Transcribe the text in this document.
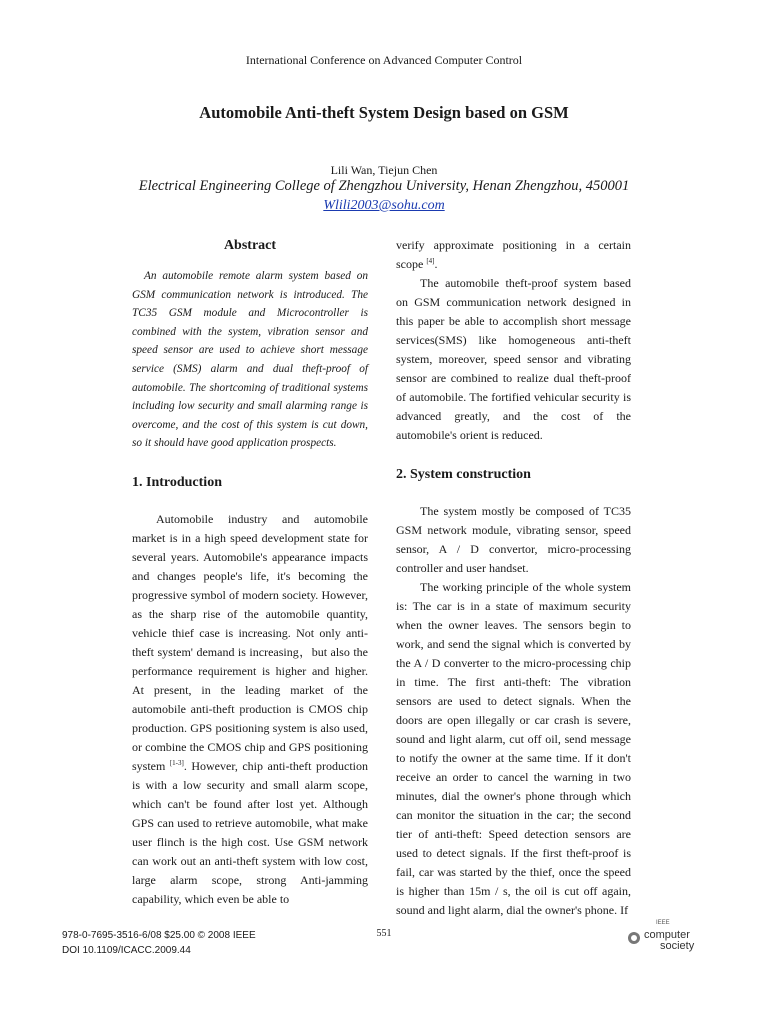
International Conference on Advanced Computer Control
Automobile Anti-theft System Design based on GSM
Lili Wan, Tiejun Chen
Electrical Engineering College of Zhengzhou University, Henan Zhengzhou, 450001
Wlili2003@sohu.com
Abstract

An automobile remote alarm system based on GSM communication network is introduced. The TC35 GSM module and Microcontroller is combined with the system, vibration sensor and speed sensor are used to achieve short message service (SMS) alarm and dual theft-proof of automobile. The shortcoming of traditional systems including low security and small alarming range is overcome, and the cost of this system is cut down, so it should have good application prospects.

1. Introduction

Automobile industry and automobile market is in a high speed development state for several years. Automobile's appearance impacts and changes people's life, it's becoming the progressive symbol of modern society. However, as the sharp rise of the automobile quantity, vehicle thief case is increasing. Not only anti-theft system' demand is increasing，but also the performance requirement is higher and higher. At present, in the leading market of the automobile anti-theft production is CMOS chip production. GPS positioning system is also used, or combine the CMOS chip and GPS positioning system [1-3]. However, chip anti-theft production is with a low security and small alarm scope, which can't be found after lost yet. Although GPS can used to retrieve automobile, what make user flinch is the high cost. Use GSM network can work out an anti-theft system with low cost, large alarm scope, strong Anti-jamming capability, which even be able to

verify approximate positioning in a certain scope [4].

The automobile theft-proof system based on GSM communication network designed in this paper be able to accomplish short message services(SMS) like homogeneous anti-theft system, moreover, speed sensor and vibrating sensor are combined to realize dual theft-proof of automobile. The fortified vehicular security is advanced greatly, and the cost of the automobile's orient is reduced.

2. System construction

The system mostly be composed of TC35 GSM network module, vibrating sensor, speed sensor, A / D convertor, micro-processing controller and user handset.

The working principle of the whole system is: The car is in a state of maximum security when the owner leaves. The sensors begin to work, and send the signal which is converted by the A / D converter to the micro-processing chip in time. The first anti-theft: The vibration sensors are used to detect signals. When the doors are open illegally or car crash is severe, sound and light alarm, cut off oil, send message to notify the owner at the same time. If it don't receive an order to cancel the warning in two minutes, dial the owner's phone through which can monitor the situation in the car; the second tier of anti-theft: Speed detection sensors are used to detect signals. If the first theft-proof is fail, car was started by the thief, once the speed is higher than 15m / s, the oil is cut off again, sound and light alarm, dial the owner's phone. If

978-0-7695-3516-6/08 $25.00 © 2008 IEEE
DOI 10.1109/ICACC.2009.44
551
IEEE
computer
society
